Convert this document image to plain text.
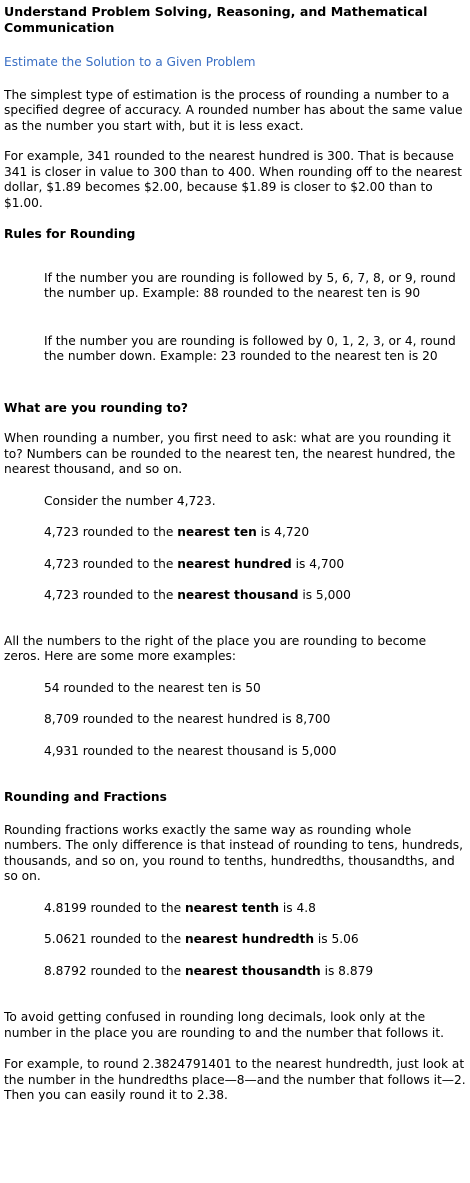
Understand Problem Solving, Reasoning, and Mathematical Communication

Estimate the Solution to a Given Problem

The simplest type of estimation is the process of rounding a number to a specified degree of accuracy. A rounded number has about the same value as the number you start with, but it is less exact.

For example, 341 rounded to the nearest hundred is 300. That is because 341 is closer in value to 300 than to 400. When rounding off to the nearest dollar, $1.89 becomes $2.00, because $1.89 is closer to $2.00 than to $1.00.

Rules for Rounding

If the number you are rounding is followed by 5, 6, 7, 8, or 9, round the number up. Example: 88 rounded to the nearest ten is 90

If the number you are rounding is followed by 0, 1, 2, 3, or 4, round the number down. Example: 23 rounded to the nearest ten is 20

What are you rounding to?

When rounding a number, you first need to ask: what are you rounding it to? Numbers can be rounded to the nearest ten, the nearest hundred, the nearest thousand, and so on.

Consider the number 4,723.

4,723 rounded to the nearest ten is 4,720

4,723 rounded to the nearest hundred is 4,700

4,723 rounded to the nearest thousand is 5,000

All the numbers to the right of the place you are rounding to become zeros. Here are some more examples:

54 rounded to the nearest ten is 50

8,709 rounded to the nearest hundred is 8,700

4,931 rounded to the nearest thousand is 5,000

Rounding and Fractions

Rounding fractions works exactly the same way as rounding whole numbers. The only difference is that instead of rounding to tens, hundreds, thousands, and so on, you round to tenths, hundredths, thousandths, and so on.

4.8199 rounded to the nearest tenth is 4.8

5.0621 rounded to the nearest hundredth is 5.06

8.8792 rounded to the nearest thousandth is 8.879

To avoid getting confused in rounding long decimals, look only at the number in the place you are rounding to and the number that follows it.

For example, to round 2.3824791401 to the nearest hundredth, just look at the number in the hundredths place—8—and the number that follows it—2. Then you can easily round it to 2.38.
